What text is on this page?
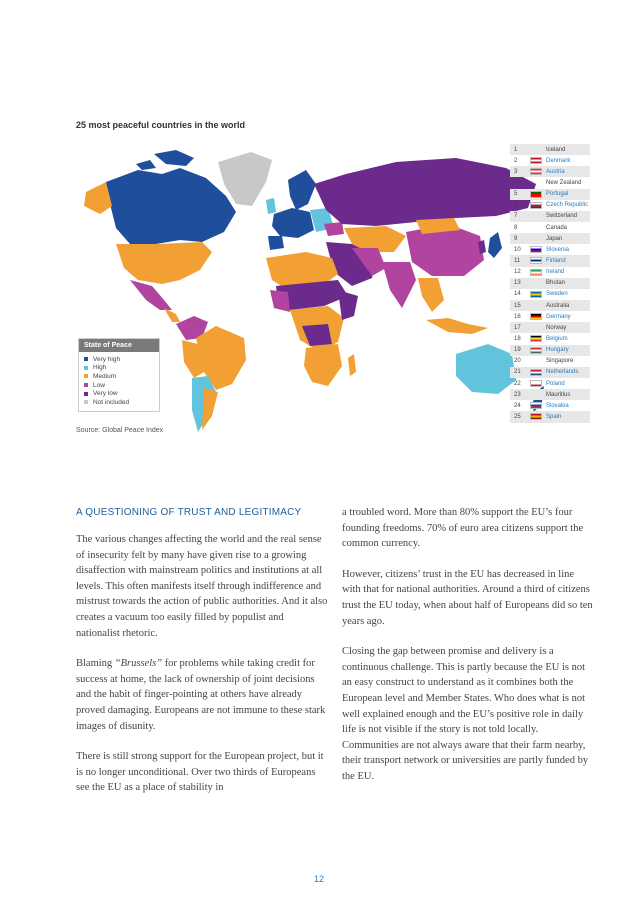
25 most peaceful countries in the world
State of Peace
Very high
High
Medium
Low
Very low
Not included
1	Iceland
2	Denmark
3	Austria
4	New Zealand
5	Portugal
6	Czech Republic
7	Switzerland
8	Canada
9	Japan
10	Slovenia
11	Finland
12	Ireland
13	Bhutan
14	Sweden
15	Australia
16	Germany
17	Norway
18	Belgium
19	Hungary
20	Singapore
21	Netherlands
22	Poland
23	Mauritius
24	Slovakia
25	Spain
Source: Global Peace Index
A QUESTIONING OF TRUST AND LEGITIMACY

The various changes affecting the world and the real sense of insecurity felt by many have given rise to a growing disaffection with mainstream politics and institutions at all levels. This often manifests itself through indifference and mistrust towards the action of public authorities. And it also creates a vacuum too easily filled by populist and nationalist rhetoric.

Blaming “Brussels” for problems while taking credit for success at home, the lack of ownership of joint decisions and the habit of finger-pointing at others have already proved damaging. Europeans are not immune to these stark images of disunity.

There is still strong support for the European project, but it is no longer unconditional. Over two thirds of Europeans see the EU as a place of stability in

a troubled word. More than 80% support the EU’s four founding freedoms. 70% of euro area citizens support the common currency.

However, citizens’ trust in the EU has decreased in line with that for national authorities. Around a third of citizens trust the EU today, when about half of Europeans did so ten years ago.

Closing the gap between promise and delivery is a continuous challenge. This is partly because the EU is not an easy construct to understand as it combines both the European level and Member States. Who does what is not well explained enough and the EU’s positive role in daily life is not visible if the story is not told locally. Communities are not always aware that their farm nearby, their transport network or universities are partly funded by the EU.

12
